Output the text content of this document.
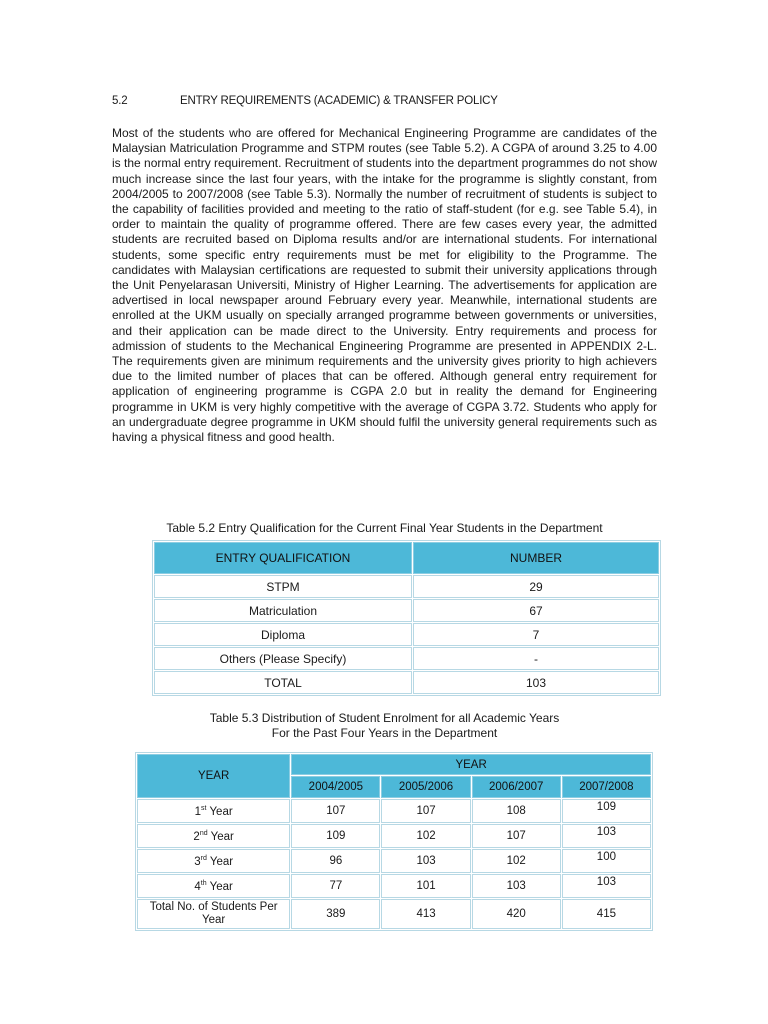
5.2	ENTRY REQUIREMENTS (ACADEMIC) & TRANSFER POLICY

Most of the students who are offered for Mechanical Engineering Programme are candidates of the Malaysian Matriculation Programme and STPM routes (see Table 5.2). A CGPA of around 3.25 to 4.00 is the normal entry requirement. Recruitment of students into the department programmes do not show much increase since the last four years, with the intake for the programme is slightly constant, from 2004/2005 to 2007/2008 (see Table 5.3). Normally the number of recruitment of students is subject to the capability of facilities provided and meeting to the ratio of staff-student (for e.g. see Table 5.4), in order to maintain the quality of programme offered. There are few cases every year, the admitted students are recruited based on Diploma results and/or are international students. For international students, some specific entry requirements must be met for eligibility to the Programme. The candidates with Malaysian certifications are requested to submit their university applications through the Unit Penyelarasan Universiti, Ministry of Higher Learning. The advertisements for application are advertised in local newspaper around February every year. Meanwhile, international students are enrolled at the UKM usually on specially arranged programme between governments or universities, and their application can be made direct to the University. Entry requirements and process for admission of students to the Mechanical Engineering Programme are presented in APPENDIX 2-L. The requirements given are minimum requirements and the university gives priority to high achievers due to the limited number of places that can be offered. Although general entry requirement for application of engineering programme is CGPA 2.0 but in reality the demand for Engineering programme in UKM is very highly competitive with the average of CGPA 3.72. Students who apply for an undergraduate degree programme in UKM should fulfil the university general requirements such as having a physical fitness and good health.

Table 5.2 Entry Qualification for the Current Final Year Students in the Department
ENTRY QUALIFICATION	NUMBER
STPM	29
Matriculation	67
Diploma	7
Others (Please Specify)	-
TOTAL	103
Table 5.3 Distribution of Student Enrolment for all Academic Years
For the Past Four Years in the Department
YEAR	YEAR			
	2004/2005	2005/2006	2006/2007	2007/2008
1st Year	107	107	108	109
2nd Year	109	102	107	103
3rd Year	96	103	102	100
4th Year	77	101	103	103
Total No. of Students Per Year	389	413	420	415
